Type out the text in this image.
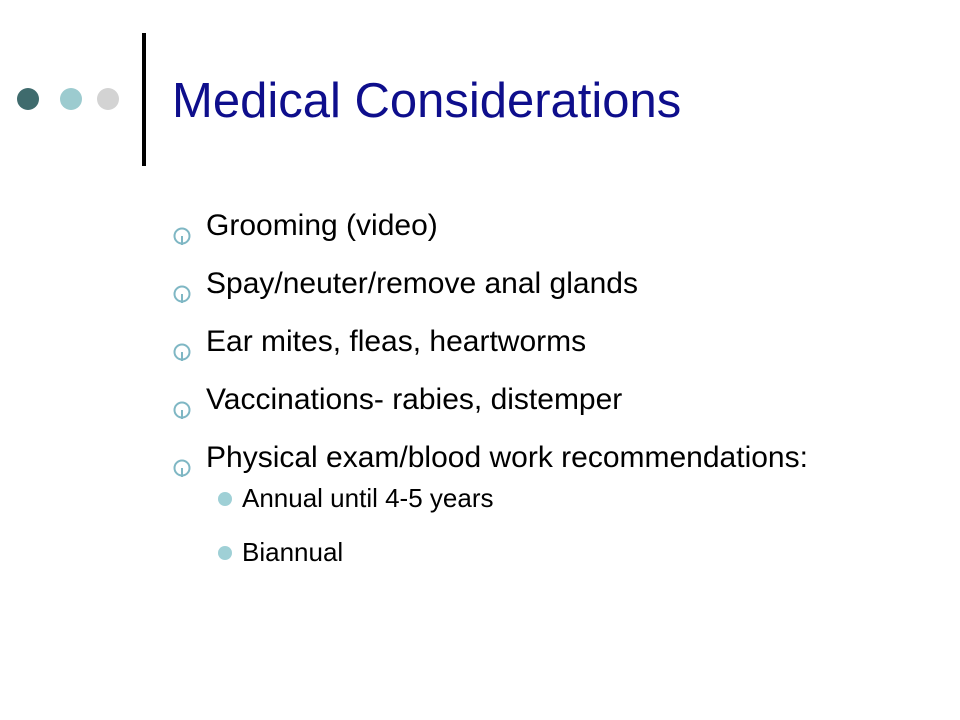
Medical Considerations
Grooming (video)
Spay/neuter/remove anal glands
Ear mites, fleas, heartworms
Vaccinations- rabies, distemper
Physical exam/blood work recommendations:
Annual until 4-5 years
Biannual
